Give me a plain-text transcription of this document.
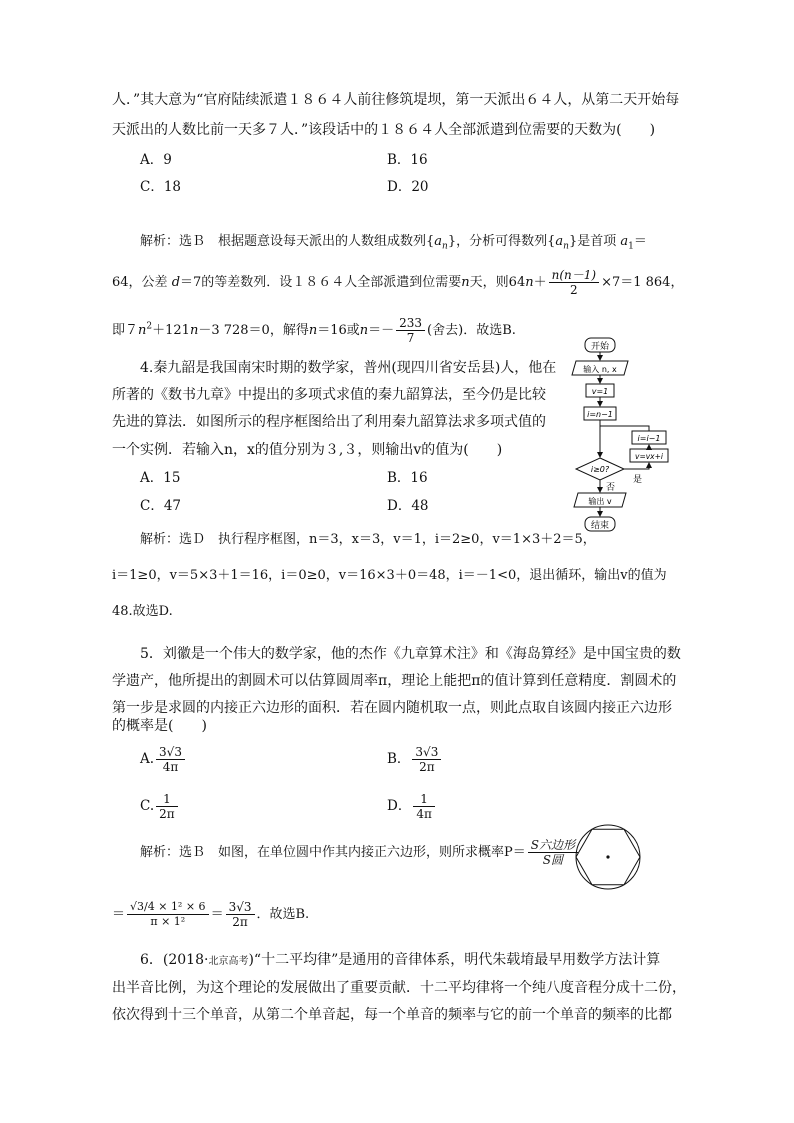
人．”其大意为“官府陆续派遣１８６４人前往修筑堤坝，第一天派出６４人，从第二天开始每
天派出的人数比前一天多７人．”该段话中的１８６４人全部派遣到位需要的天数为(　　)
A．9	B．16
C．18	D．20
解析：选Ｂ　根据题意设每天派出的人数组成数列$\{a_n\}$，分析可得数列$\{a_n\}$是首项 $a_1=$
64，公差 d＝7的等差数列．设１８６４人全部派遣到位需要n天，则$64n+ \frac{n(n-1)}{2} \times 7=1$ 864，
即$7n^2+121n-3$ 728＝0，解得n＝16或$n=- \frac{233}{7}$ (舍去)．故选B.
4.秦九韶是我国南宋时期的数学家，普州(现四川省安岳县)人，他在
所著的《数书九章》中提出的多项式求值的秦九韶算法，至今仍是比较
先进的算法．如图所示的程序框图给出了利用秦九韶算法求多项式值的
一个实例．若输入n，x的值分别为３,３，则输出v的值为(　　)
A．15	B．16
C．47	D．48
开始
输入 n, x
v=1
i=n−1
i=i−1
v=vx+i
i≥0?
是
否
输出 v
结束
解析：选Ｄ　执行程序框图，n＝3，x＝3，v＝1，i＝2≥0，v＝1×3＋2＝5，
i＝1≥0，v＝5×3＋1＝16，i＝0≥0，v＝16×3＋0＝48，i＝－1<0，退出循环，输出v的值为
48.故选D.
5．刘徽是一个伟大的数学家，他的杰作《九章算术注》和《海岛算经》是中国宝贵的数
学遗产，他所提出的割圆术可以估算圆周率π，理论上能把π的值计算到任意精度．割圆术的
第一步是求圆的内接正六边形的面积．若在圆内随机取一点，则此点取自该圆内接正六边形
的概率是(　　)
A. $\frac{3√3}{4\pi}$	B． $\frac{3√3}{2\pi}$
C. $\frac{1}{2\pi}$	D． $\frac{1}{4\pi}$
解析：选Ｂ　如图，在单位圆中作其内接正六边形，则所求概率$P= \frac{\text{S六边形}}{\text{S圆}}$
＝ $\frac{\text{√3/4 × 1² × 6}}{\text{π × 1²}} = \frac{3√3}{2\pi}$ ．故选B.
6．(2018·北京高考)“十二平均律”是通用的音律体系，明代朱载堉最早用数学方法计算
出半音比例，为这个理论的发展做出了重要贡献．十二平均律将一个纯八度音程分成十二份，
依次得到十三个单音，从第二个单音起，每一个单音的频率与它的前一个单音的频率的比都
